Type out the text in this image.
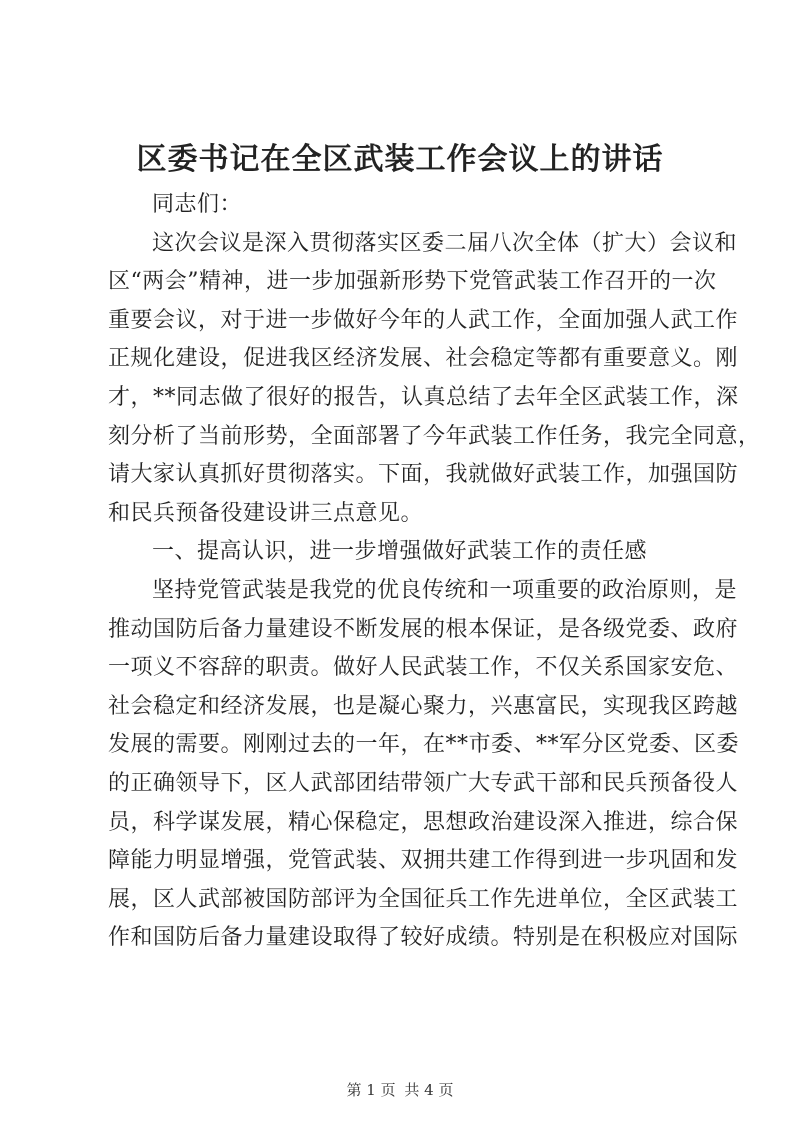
区委书记在全区武装工作会议上的讲话
同志们：
这次会议是深入贯彻落实区委二届八次全体（扩大）会议和
区“两会”精神，进一步加强新形势下党管武装工作召开的一次
重要会议，对于进一步做好今年的人武工作，全面加强人武工作
正规化建设，促进我区经济发展、社会稳定等都有重要意义。刚
才，**同志做了很好的报告，认真总结了去年全区武装工作，深
刻分析了当前形势，全面部署了今年武装工作任务，我完全同意，
请大家认真抓好贯彻落实。下面，我就做好武装工作，加强国防
和民兵预备役建设讲三点意见。
一、提高认识，进一步增强做好武装工作的责任感
坚持党管武装是我党的优良传统和一项重要的政治原则，是
推动国防后备力量建设不断发展的根本保证，是各级党委、政府
一项义不容辞的职责。做好人民武装工作，不仅关系国家安危、
社会稳定和经济发展，也是凝心聚力，兴惠富民，实现我区跨越
发展的需要。刚刚过去的一年，在**市委、**军分区党委、区委
的正确领导下，区人武部团结带领广大专武干部和民兵预备役人
员，科学谋发展，精心保稳定，思想政治建设深入推进，综合保
障能力明显增强，党管武装、双拥共建工作得到进一步巩固和发
展，区人武部被国防部评为全国征兵工作先进单位，全区武装工
作和国防后备力量建设取得了较好成绩。特别是在积极应对国际
第 1 页 共 4 页
